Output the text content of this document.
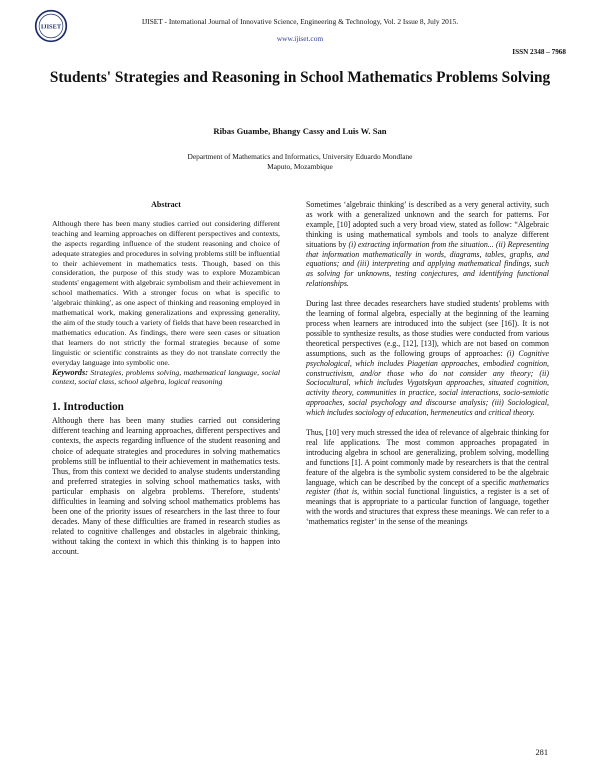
IJISET
IJISET - International Journal of Innovative Science, Engineering & Technology, Vol. 2 Issue 8, July 2015.
www.ijiset.com
ISSN 2348 – 7968
Students' Strategies and Reasoning in School Mathematics Problems Solving
Ribas Guambe, Bhangy Cassy and Luis W. San
Department of Mathematics and Informatics, University Eduardo Mondlane
Maputo, Mozambique
Abstract

Although there has been many studies carried out considering different teaching and learning approaches on different perspectives and contexts, the aspects regarding influence of the student reasoning and choice of adequate strategies and procedures in solving problems still be influential to their achievement in mathematics tests. Though, based on this consideration, the purpose of this study was to explore Mozambican students' engagement with algebraic symbolism and their achievement in school mathematics. With a stronger focus on what is specific to 'algebraic thinking', as one aspect of thinking and reasoning employed in mathematical work, making generalizations and expressing generality, the aim of the study touch a variety of fields that have been researched in mathematics education. As findings, there were seen cases or situation that learners do not strictly the formal strategies because of some linguistic or scientific constraints as they do not translate correctly the everyday language into symbolic one.

Keywords: Strategies, problems solving, mathematical language, social context, social class, school algebra, logical reasoning

1. Introduction

Although there has been many studies carried out considering different teaching and learning approaches, different perspectives and contexts, the aspects regarding influence of the student reasoning and choice of adequate strategies and procedures in solving mathematics problems still be influential to their achievement in mathematics tests. Thus, from this context we decided to analyse students understanding and preferred strategies in solving school mathematics tasks, with particular emphasis on algebra problems. Therefore, students' difficulties in learning and solving school mathematics problems has been one of the priority issues of researchers in the last three to four decades. Many of these difficulties are framed in research studies as related to cognitive challenges and obstacles in algebraic thinking, without taking the context in which this thinking is to happen into account.

Sometimes ‘algebraic thinking’ is described as a very general activity, such as work with a generalized unknown and the search for patterns. For example, [10] adopted such a very broad view, stated as follow: “Algebraic thinking is using mathematical symbols and tools to analyze different situations by (i) extracting information from the situation... (ii) Representing that information mathematically in words, diagrams, tables, graphs, and equations; and (iii) interpreting and applying mathematical findings, such as solving for unknowns, testing conjectures, and identifying functional relationships.

During last three decades researchers have studied students' problems with the learning of formal algebra, especially at the beginning of the learning process when learners are introduced into the subject (see [16]). It is not possible to synthesize results, as those studies were conducted from various theoretical perspectives (e.g., [12], [13]), which are not based on common assumptions, such as the following groups of approaches: (i) Cognitive psychological, which includes Piagetian approaches, embodied cognition, constructivism, and/or those who do not consider any theory; (ii) Sociocultural, which includes Vygotskyan approaches, situated cognition, activity theory, communities in practice, social interactions, socio-semiotic approaches, social psychology and discourse analysis; (iii) Sociological, which includes sociology of education, hermeneutics and critical theory.

Thus, [10] very much stressed the idea of relevance of algebraic thinking for real life applications. The most common approaches propagated in introducing algebra in school are generalizing, problem solving, modelling and functions [1]. A point commonly made by researchers is that the central feature of the algebra is the symbolic system considered to be the algebraic language, which can be described by the concept of a specific mathematics register (that is, within social functional linguistics, a register is a set of meanings that is appropriate to a particular function of language, together with the words and structures that express these meanings. We can refer to a ‘mathematics register’ in the sense of the meanings

281
